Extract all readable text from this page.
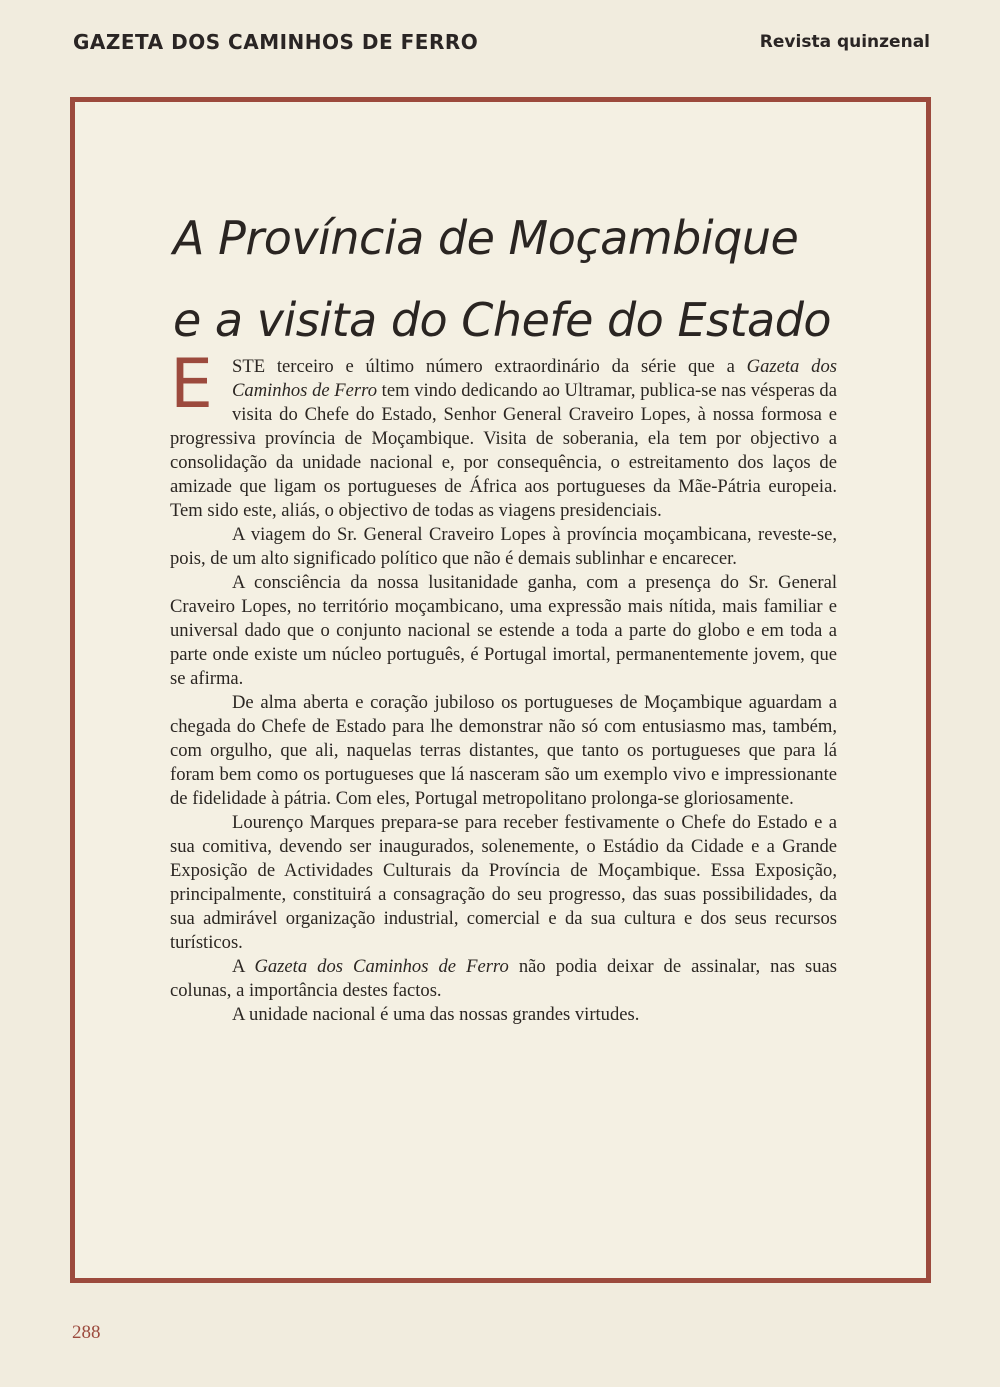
GAZETA DOS CAMINHOS DE FERRO	Revista quinzenal
A Província de Moçambique
e a visita do Chefe do Estado
E	STE terceiro e último número extraordinário da série que a Gazeta dos Caminhos de Ferro tem vindo dedicando ao Ultramar, publica-se nas vésperas da visita do Chefe do Estado, Senhor General Craveiro Lopes, à nossa formosa e progressiva província de Moçambique. Visita de soberania, ela tem por objectivo a consolidação da unidade nacional e, por consequência, o estreitamento dos laços de amizade que ligam os portugueses de África aos portugueses da Mãe-Pátria europeia. Tem sido este, aliás, o objectivo de todas as viagens presidenciais.

A viagem do Sr. General Craveiro Lopes à província moçambicana, reveste-se, pois, de um alto significado político que não é demais sublinhar e encarecer.

A consciência da nossa lusitanidade ganha, com a presença do Sr. General Craveiro Lopes, no território moçambicano, uma expressão mais nítida, mais familiar e universal dado que o conjunto nacional se estende a toda a parte do globo e em toda a parte onde existe um núcleo português, é Portugal imortal, permanentemente jovem, que se afirma.

De alma aberta e coração jubiloso os portugueses de Moçambique aguardam a chegada do Chefe de Estado para lhe demonstrar não só com entusiasmo mas, também, com orgulho, que ali, naquelas terras distantes, que tanto os portugueses que para lá foram bem como os portugueses que lá nasceram são um exemplo vivo e impressionante de fidelidade à pátria. Com eles, Portugal metropolitano prolonga-se gloriosamente.

Lourenço Marques prepara-se para receber festivamente o Chefe do Estado e a sua comitiva, devendo ser inaugurados, solenemente, o Estádio da Cidade e a Grande Exposição de Actividades Culturais da Província de Moçambique. Essa Exposição, principalmente, constituirá a consagração do seu progresso, das suas possibilidades, da sua admirável organização industrial, comercial e da sua cultura e dos seus recursos turísticos.

A Gazeta dos Caminhos de Ferro não podia deixar de assinalar, nas suas colunas, a importância destes factos.

A unidade nacional é uma das nossas grandes virtudes.

288
